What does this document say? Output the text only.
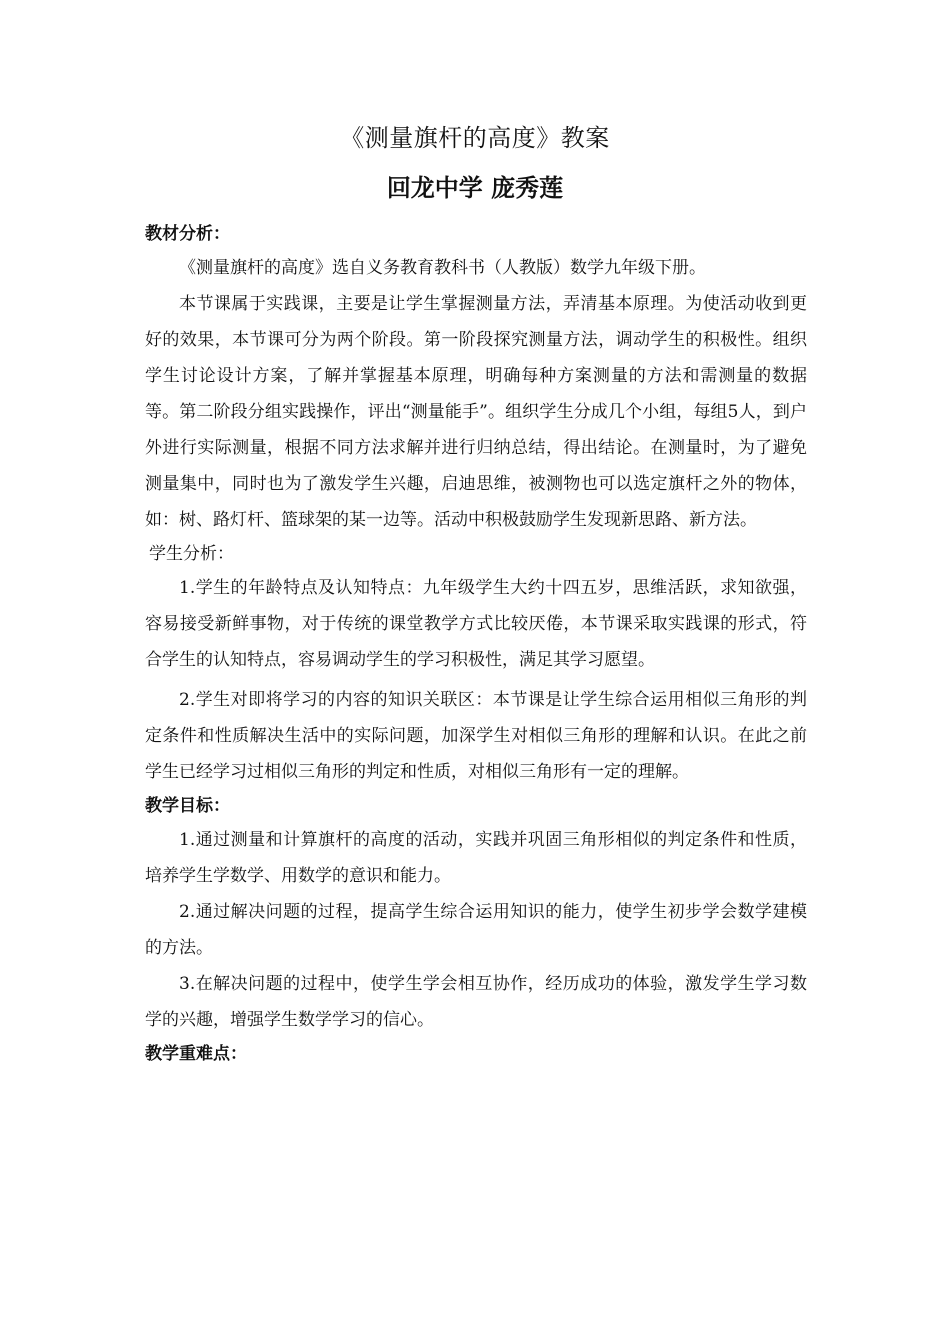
《测量旗杆的高度》教案
回龙中学 庞秀莲
教材分析：

《测量旗杆的高度》选自义务教育教科书（人教版）数学九年级下册。

本节课属于实践课，主要是让学生掌握测量方法，弄清基本原理。为使活动收到更好的效果，本节课可分为两个阶段。第一阶段探究测量方法，调动学生的积极性。组织学生讨论设计方案，了解并掌握基本原理，明确每种方案测量的方法和需测量的数据等。第二阶段分组实践操作，评出“测量能手”。组织学生分成几个小组，每组5人，到户外进行实际测量，根据不同方法求解并进行归纳总结，得出结论。在测量时，为了避免测量集中，同时也为了激发学生兴趣，启迪思维，被测物也可以选定旗杆之外的物体，如：树、路灯杆、篮球架的某一边等。活动中积极鼓励学生发现新思路、新方法。

学生分析：

1.学生的年龄特点及认知特点：九年级学生大约十四五岁，思维活跃，求知欲强，容易接受新鲜事物，对于传统的课堂教学方式比较厌倦，本节课采取实践课的形式，符合学生的认知特点，容易调动学生的学习积极性，满足其学习愿望。

2.学生对即将学习的内容的知识关联区：本节课是让学生综合运用相似三角形的判定条件和性质解决生活中的实际问题，加深学生对相似三角形的理解和认识。在此之前学生已经学习过相似三角形的判定和性质，对相似三角形有一定的理解。

教学目标：

1.通过测量和计算旗杆的高度的活动，实践并巩固三角形相似的判定条件和性质，培养学生学数学、用数学的意识和能力。

2.通过解决问题的过程，提高学生综合运用知识的能力，使学生初步学会数学建模的方法。

3.在解决问题的过程中，使学生学会相互协作，经历成功的体验，激发学生学习数学的兴趣，增强学生数学学习的信心。

教学重难点：
